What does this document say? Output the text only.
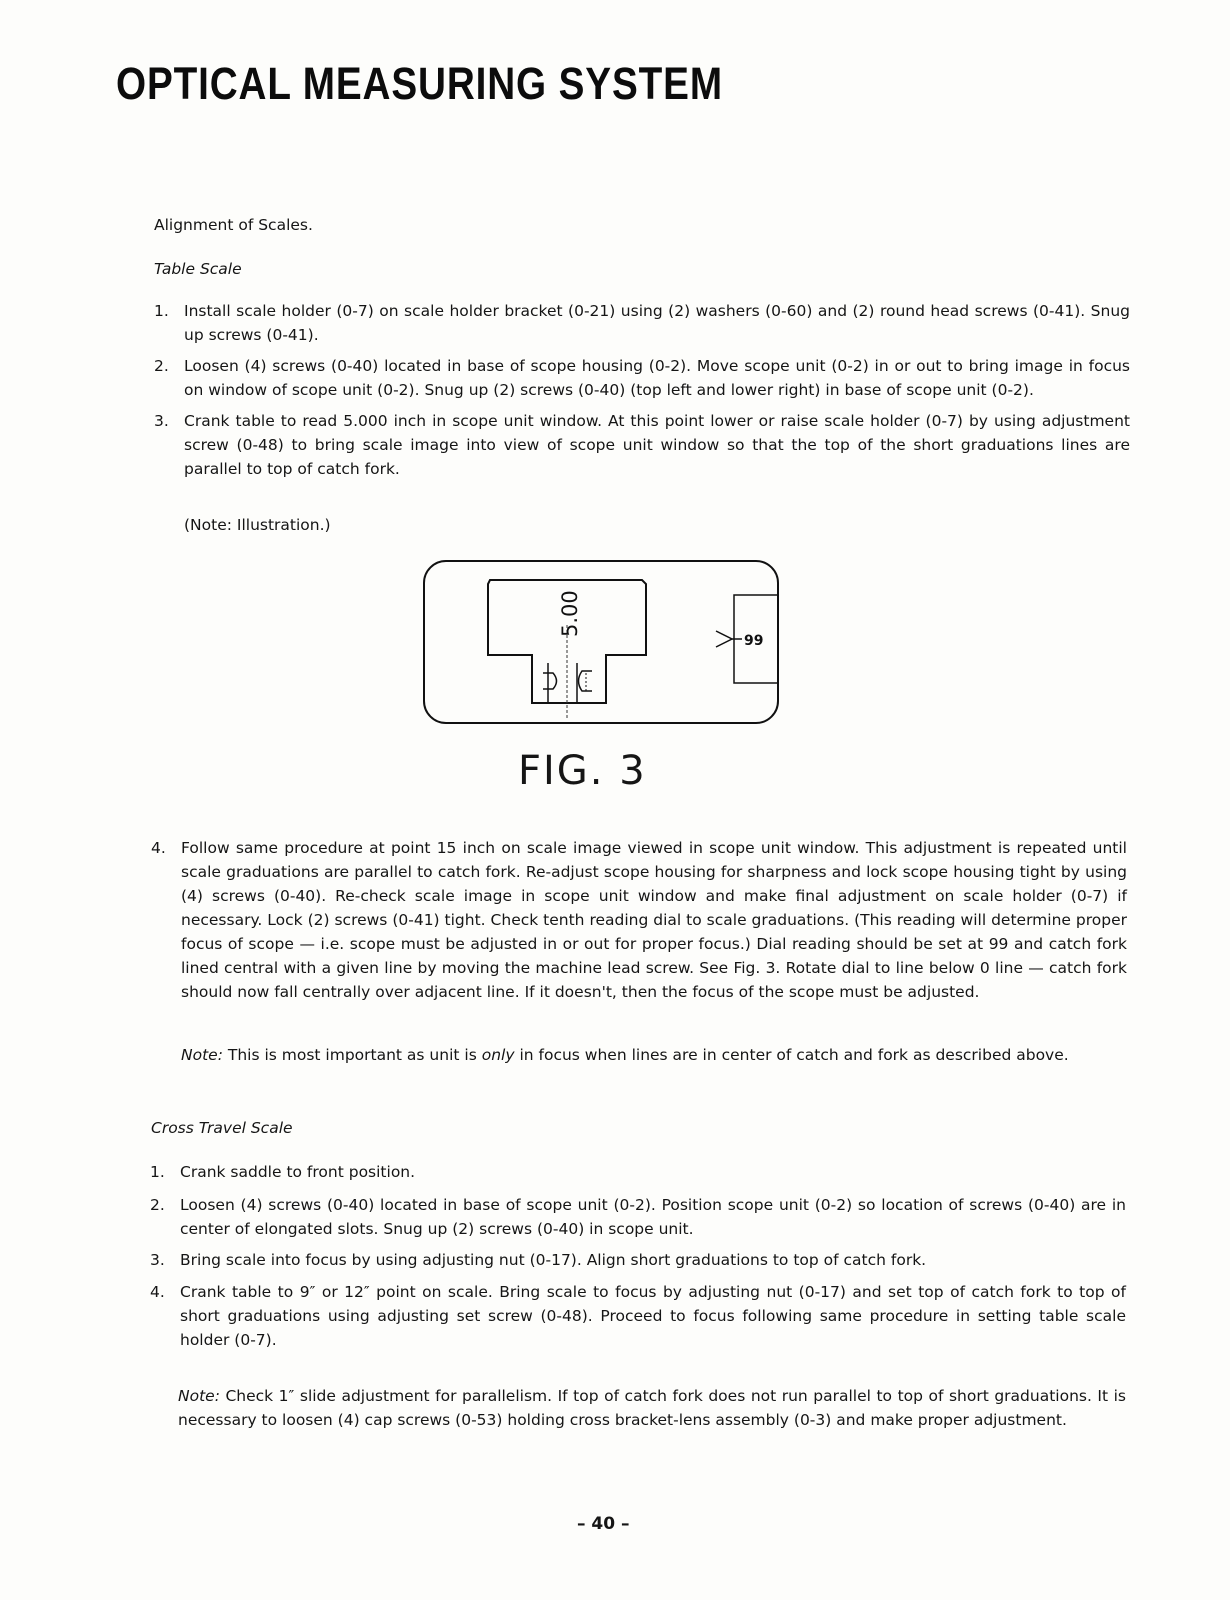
OPTICAL MEASURING SYSTEM

Alignment of Scales.

Table Scale

1. Install scale holder (0-7) on scale holder bracket (0-21) using (2) washers (0-60) and (2) round head screws (0-41). Snug up screws (0-41).
2. Loosen (4) screws (0-40) located in base of scope housing (0-2). Move scope unit (0-2) in or out to bring image in focus on window of scope unit (0-2). Snug up (2) screws (0-40) (top left and lower right) in base of scope unit (0-2).
3. Crank table to read 5.000 inch in scope unit window. At this point lower or raise scale holder (0-7) by using adjustment screw (0-48) to bring scale image into view of scope unit window so that the top of the short graduations lines are parallel to top of catch fork.

(Note: Illustration.)

5.00
99
FIG. 3
4. Follow same procedure at point 15 inch on scale image viewed in scope unit window. This adjustment is repeated until scale graduations are parallel to catch fork. Re-adjust scope housing for sharpness and lock scope housing tight by using (4) screws (0-40). Re-check scale image in scope unit window and make final adjustment on scale holder (0-7) if necessary. Lock (2) screws (0-41) tight. Check tenth reading dial to scale graduations. (This reading will determine proper focus of scope — i.e. scope must be adjusted in or out for proper focus.) Dial reading should be set at 99 and catch fork lined central with a given line by moving the machine lead screw. See Fig. 3. Rotate dial to line below 0 line — catch fork should now fall centrally over adjacent line. If it doesn't, then the focus of the scope must be adjusted.

Note: This is most important as unit is only in focus when lines are in center of catch and fork as described above.

Cross Travel Scale

1. Crank saddle to front position.
2. Loosen (4) screws (0-40) located in base of scope unit (0-2). Position scope unit (0-2) so location of screws (0-40) are in center of elongated slots. Snug up (2) screws (0-40) in scope unit.
3. Bring scale into focus by using adjusting nut (0-17). Align short graduations to top of catch fork.
4. Crank table to 9″ or 12″ point on scale. Bring scale to focus by adjusting nut (0-17) and set top of catch fork to top of short graduations using adjusting set screw (0-48). Proceed to focus following same procedure in setting table scale holder (0-7).

Note: Check 1″ slide adjustment for parallelism. If top of catch fork does not run parallel to top of short graduations. It is necessary to loosen (4) cap screws (0-53) holding cross bracket-lens assembly (0-3) and make proper adjustment.

– 40 –
